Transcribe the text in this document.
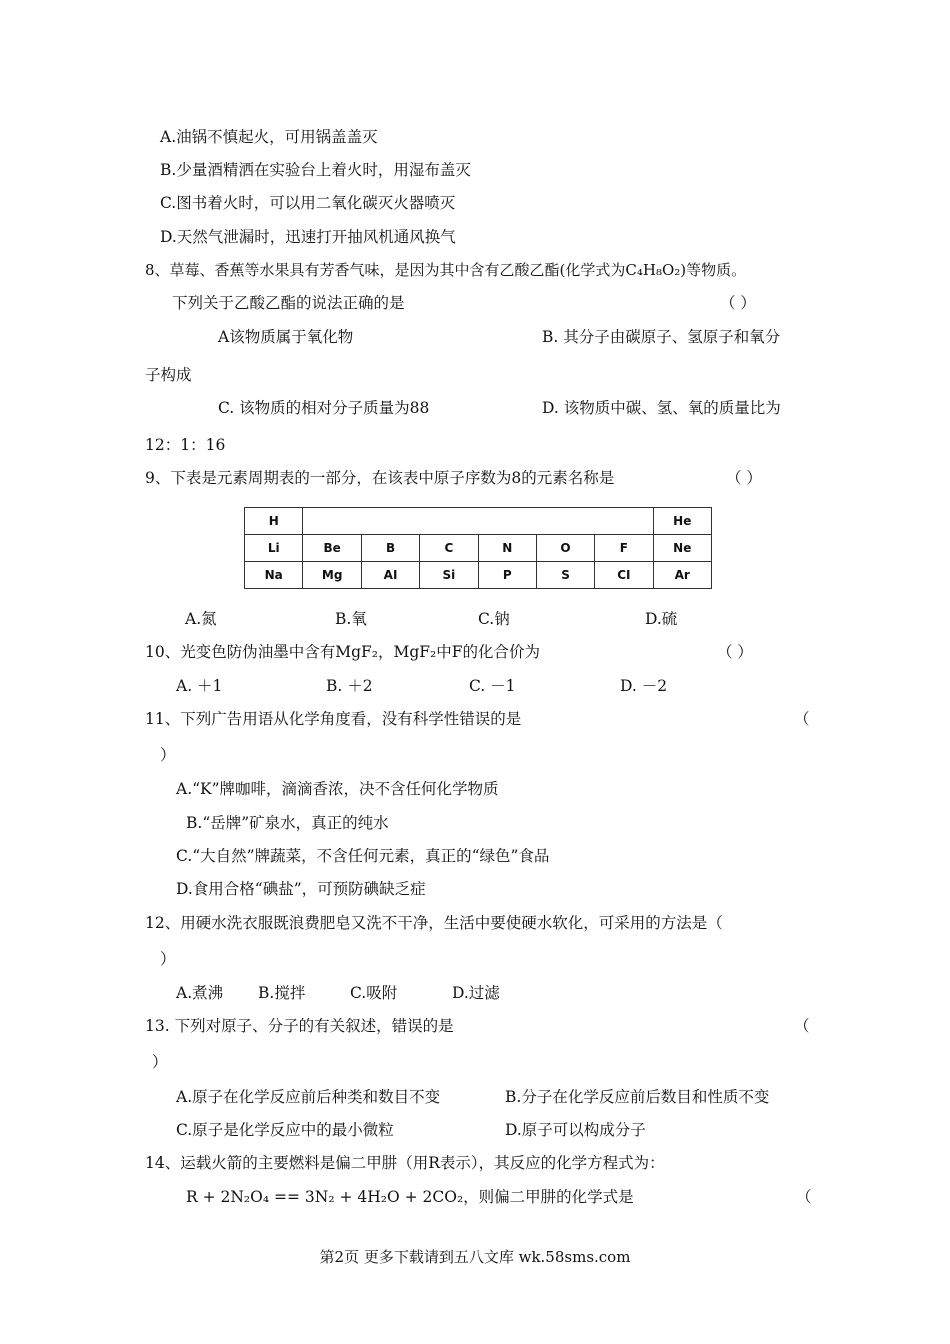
A.油锅不慎起火，可用锅盖盖灭
B.少量酒精洒在实验台上着火时，用湿布盖灭
C.图书着火时，可以用二氧化碳灭火器喷灭
D.天然气泄漏时，迅速打开抽风机通风换气
8、草莓、香蕉等水果具有芳香气味，是因为其中含有乙酸乙酯(化学式为C₄H₈O₂)等物质。
下列关于乙酸乙酯的说法正确的是	（ ）
A该物质属于氧化物	B. 其分子由碳原子、氢原子和氧分
子构成
C. 该物质的相对分子质量为88	D. 该物质中碳、氢、氧的质量比为
12：1：16
9、下表是元素周期表的一部分，在该表中原子序数为8的元素名称是	（ ）
H							He
Li	Be	B	C	N	O	F	Ne
Na	Mg	AI	Si	P	S	CI	Ar
A.氮	B.氧	C.钠	D.硫
10、光变色防伪油墨中含有MgF₂，MgF₂中F的化合价为	（ ）
A. ＋1	B. ＋2	C. －1	D. －2
11、下列广告用语从化学角度看，没有科学性错误的是	（
）
A.“K”牌咖啡，滴滴香浓，决不含任何化学物质
B.“岳牌”矿泉水，真正的纯水
C.“大自然”牌蔬菜，不含任何元素，真正的“绿色”食品
D.食用合格“碘盐”，可预防碘缺乏症
12、用硬水洗衣服既浪费肥皂又洗不干净，生活中要使硬水软化，可采用的方法是（
）
A.煮沸 B.搅拌	C.吸附	D.过滤
13. 下列对原子、分子的有关叙述，错误的是	（
）
A.原子在化学反应前后种类和数目不变	B.分子在化学反应前后数目和性质不变
C.原子是化学反应中的最小微粒	D.原子可以构成分子
14、运载火箭的主要燃料是偏二甲肼（用R表示），其反应的化学方程式为：
R + 2N₂O₄ == 3N₂ + 4H₂O + 2CO₂，则偏二甲肼的化学式是	（
第2页 更多下载请到五八文库 wk.58sms.com
